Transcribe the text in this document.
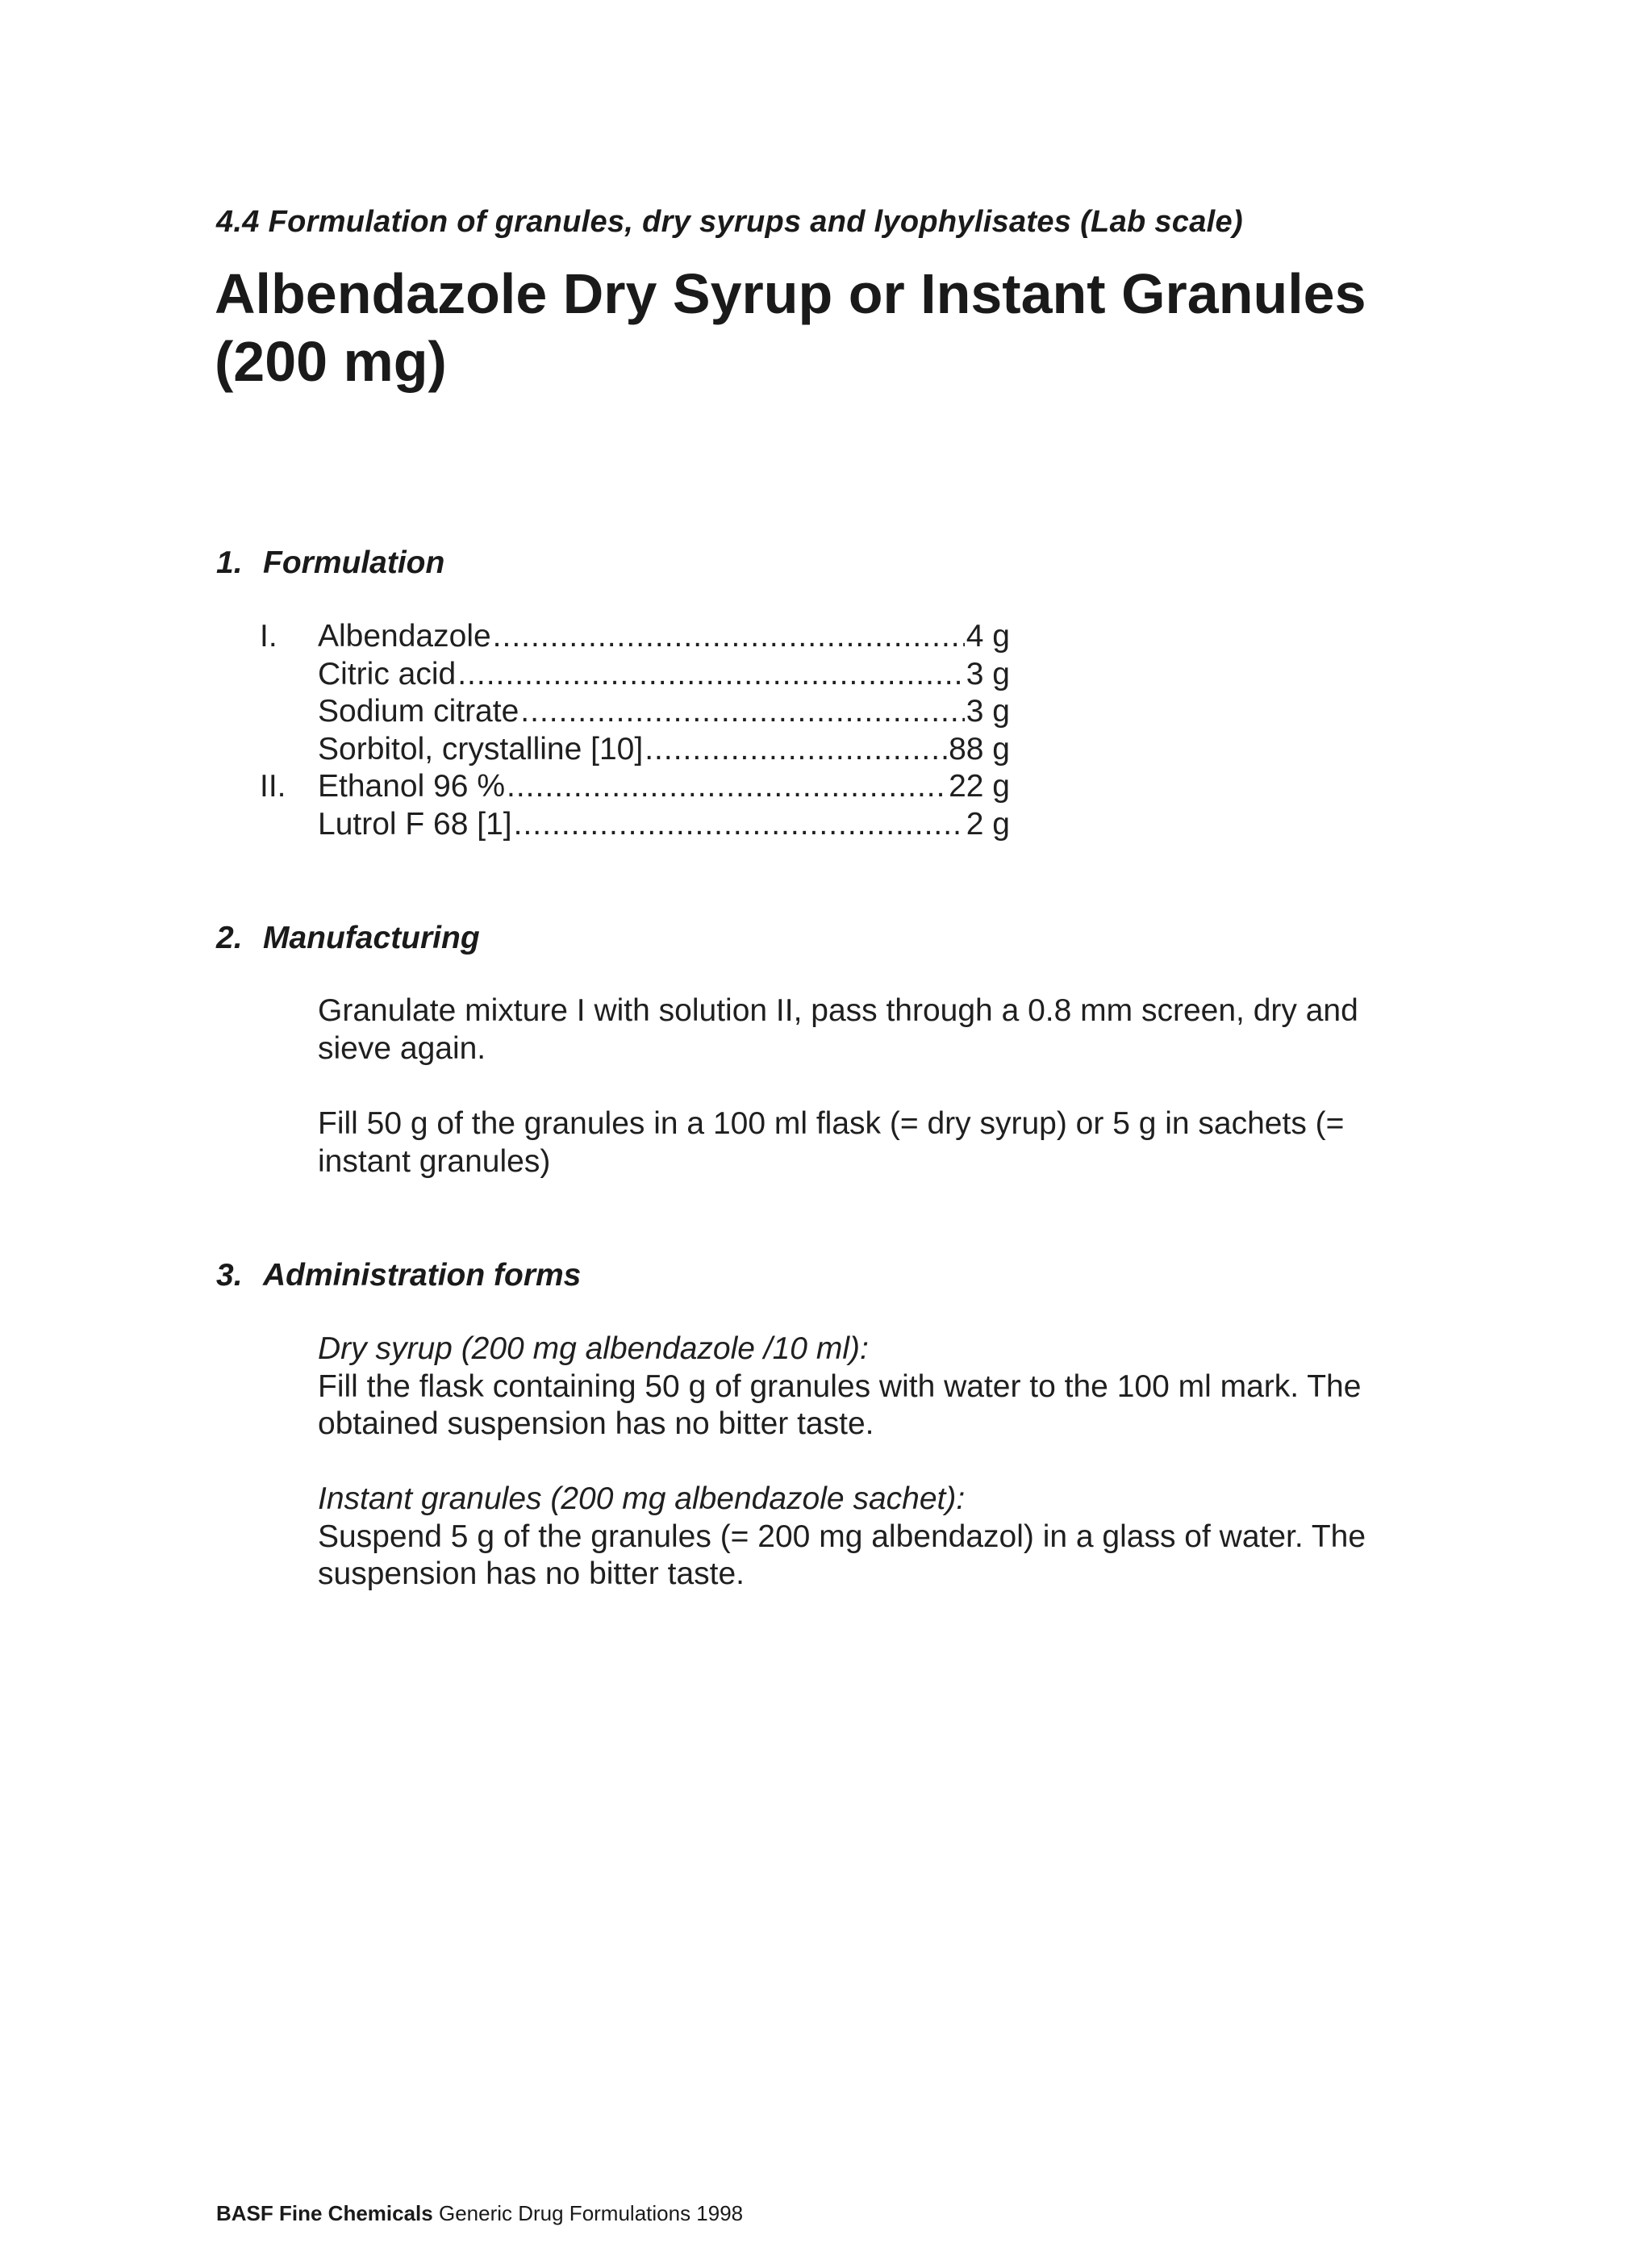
4.4 Formulation of granules, dry syrups and lyophylisates (Lab scale)
Albendazole Dry Syrup or Instant Granules
(200 mg)
1. Formulation
I.	Albendazole .....	4 g
Citric acid .....	3 g
Sodium citrate .....	3 g
Sorbitol, crystalline [10] .....	88 g
II.	Ethanol 96 % .....	22 g
Lutrol F 68 [1] .....	2 g
2. Manufacturing

Granulate mixture I with solution II, pass through a 0.8 mm screen, dry and sieve again.

Fill 50 g of the granules in a 100 ml flask (= dry syrup) or 5 g in sachets (= instant granules)

3. Administration forms
Dry syrup (200 mg albendazole /10 ml):
Fill the flask containing 50 g of granules with water to the 100 ml mark. The obtained suspension has no bitter taste.
Instant granules (200 mg albendazole sachet):
Suspend 5 g of the granules (= 200 mg albendazol) in a glass of water. The suspension has no bitter taste.
BASF Fine Chemicals Generic Drug Formulations 1998
